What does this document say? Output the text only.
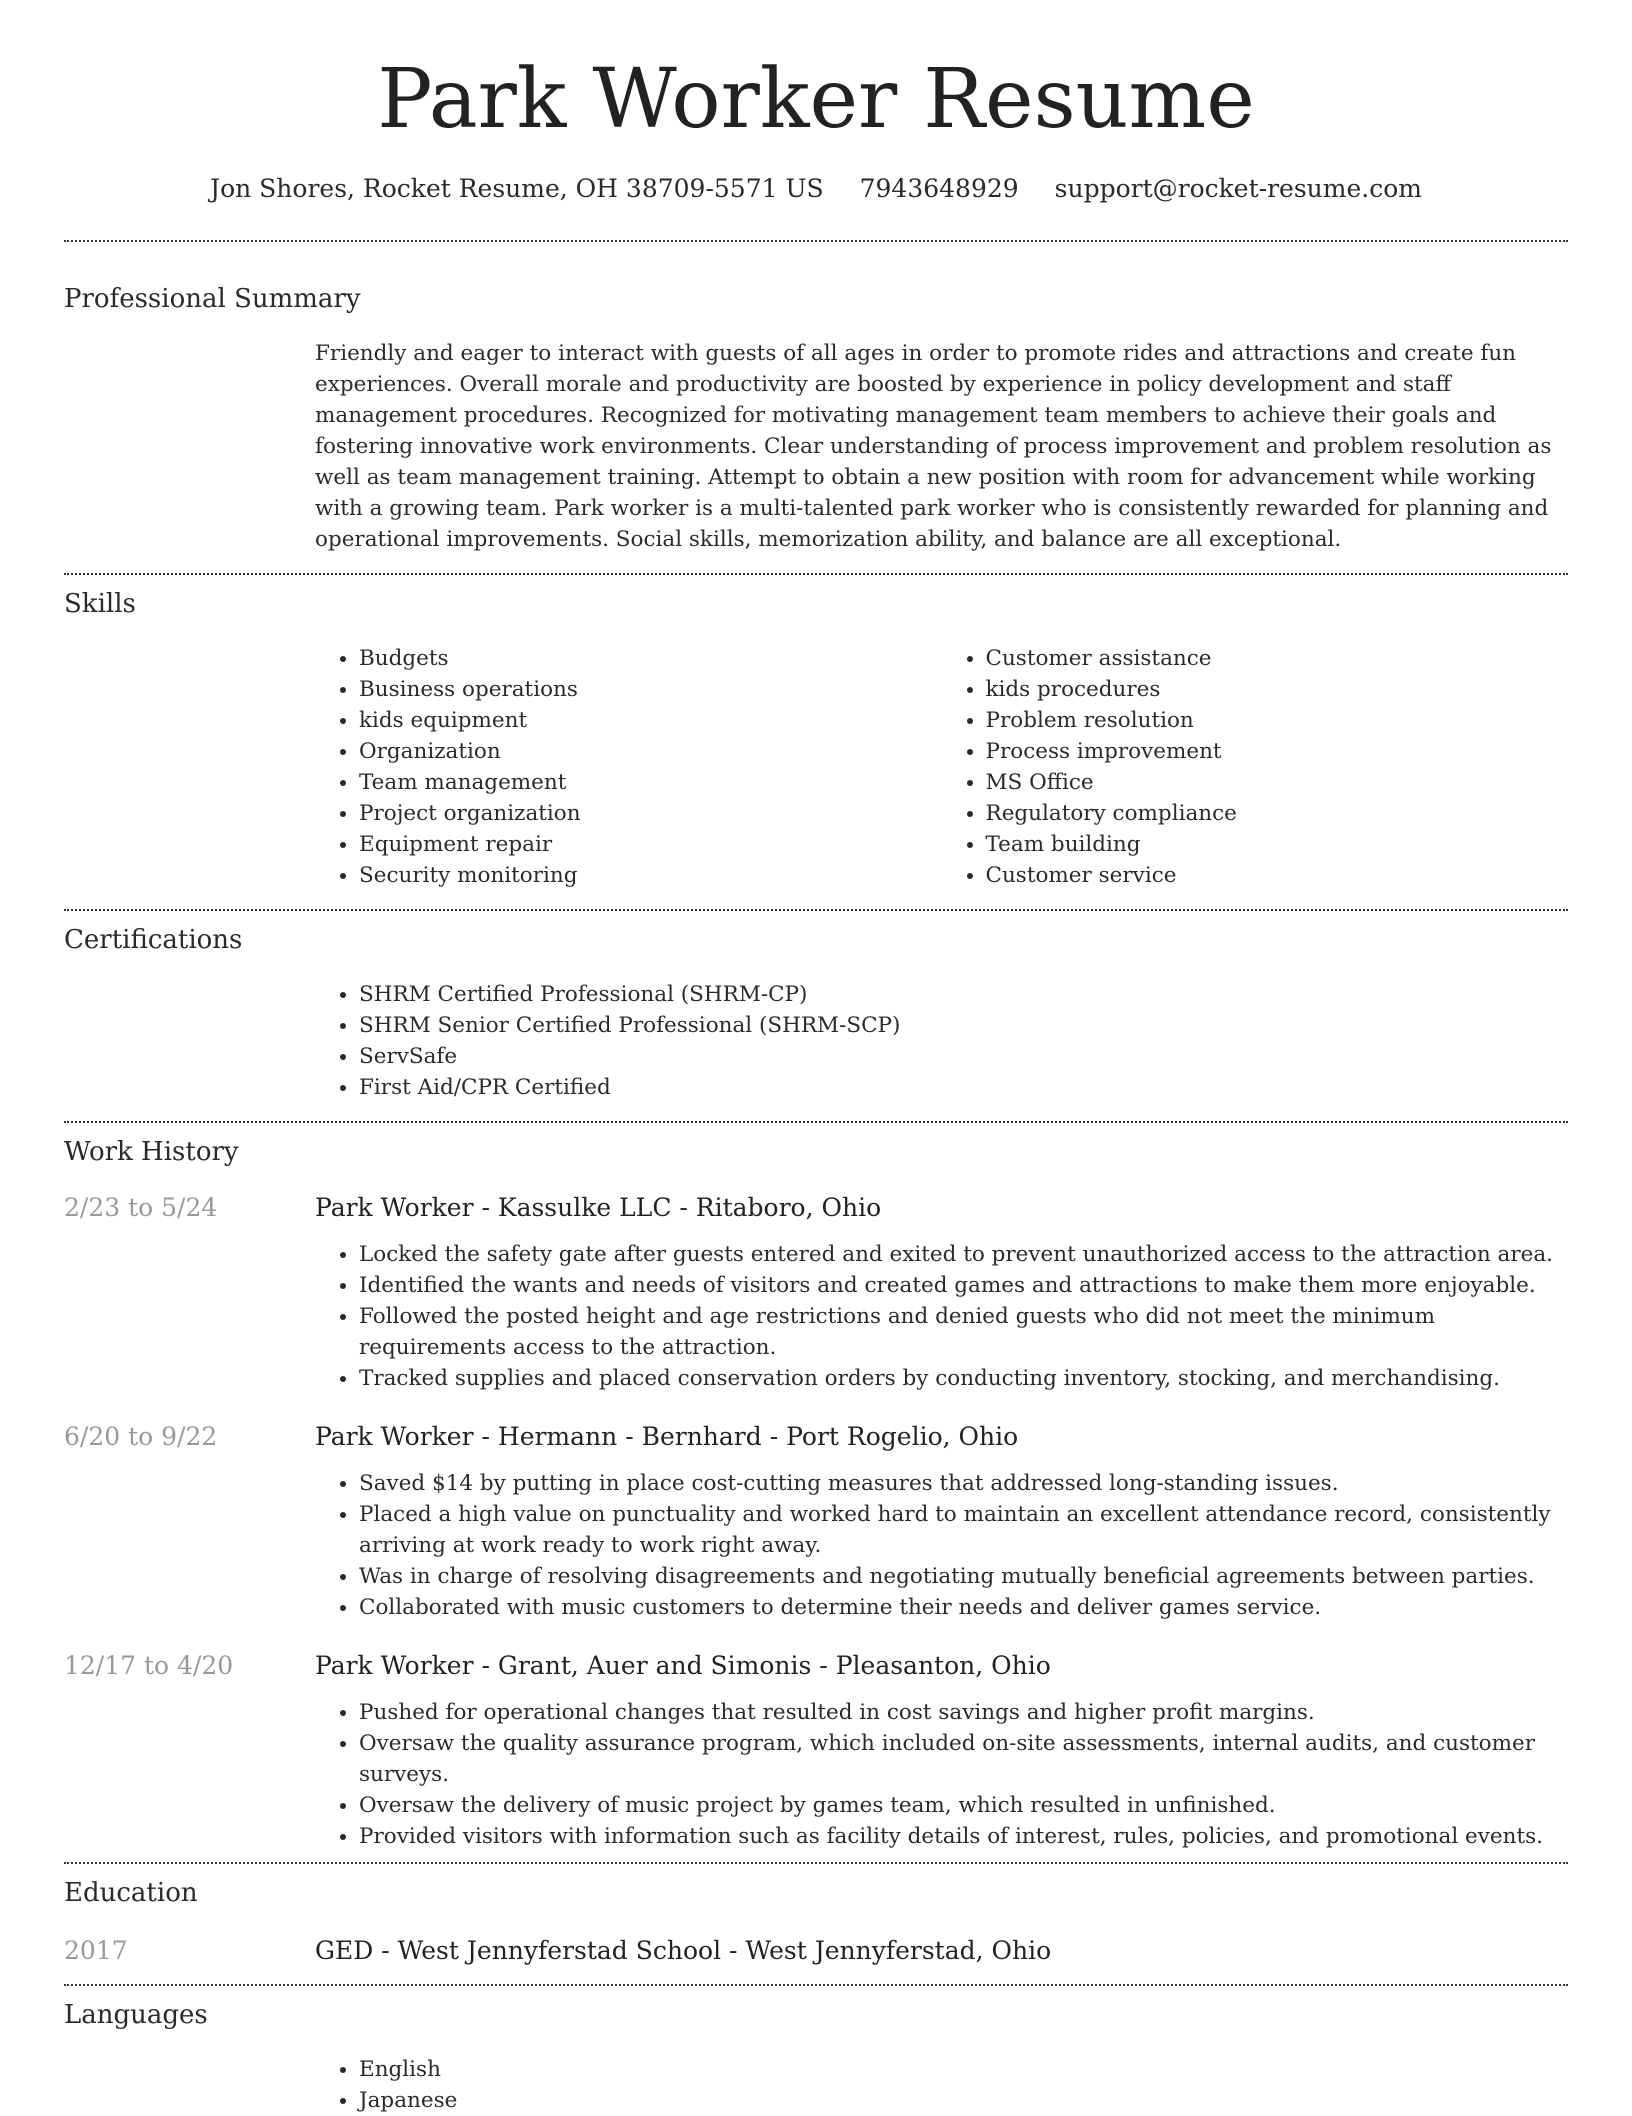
Park Worker Resume
Jon Shores, Rocket Resume, OH 38709-5571 US 7943648929 support@rocket-resume.com
Professional Summary
Friendly and eager to interact with guests of all ages in order to promote rides and attractions and create fun experiences. Overall morale and productivity are boosted by experience in policy development and staff management procedures. Recognized for motivating management team members to achieve their goals and fostering innovative work environments. Clear understanding of process improvement and problem resolution as well as team management training. Attempt to obtain a new position with room for advancement while working with a growing team. Park worker is a multi-talented park worker who is consistently rewarded for planning and operational improvements. Social skills, memorization ability, and balance are all exceptional.
Skills
• Budgets
• Business operations
• kids equipment
• Organization
• Team management
• Project organization
• Equipment repair
• Security monitoring
• Customer assistance
• kids procedures
• Problem resolution
• Process improvement
• MS Office
• Regulatory compliance
• Team building
• Customer service
Certifications
• SHRM Certified Professional (SHRM-CP)
• SHRM Senior Certified Professional (SHRM-SCP)
• ServSafe
• First Aid/CPR Certified
Work History
2/23 to 5/24	Park Worker - Kassulke LLC - Ritaboro, Ohio
• Locked the safety gate after guests entered and exited to prevent unauthorized access to the attraction area.
• Identified the wants and needs of visitors and created games and attractions to make them more enjoyable.
• Followed the posted height and age restrictions and denied guests who did not meet the minimum requirements access to the attraction.
• Tracked supplies and placed conservation orders by conducting inventory, stocking, and merchandising.
6/20 to 9/22	Park Worker - Hermann - Bernhard - Port Rogelio, Ohio
• Saved $14 by putting in place cost-cutting measures that addressed long-standing issues.
• Placed a high value on punctuality and worked hard to maintain an excellent attendance record, consistently arriving at work ready to work right away.
• Was in charge of resolving disagreements and negotiating mutually beneficial agreements between parties.
• Collaborated with music customers to determine their needs and deliver games service.
12/17 to 4/20	Park Worker - Grant, Auer and Simonis - Pleasanton, Ohio
• Pushed for operational changes that resulted in cost savings and higher profit margins.
• Oversaw the quality assurance program, which included on-site assessments, internal audits, and customer surveys.
• Oversaw the delivery of music project by games team, which resulted in unfinished.
• Provided visitors with information such as facility details of interest, rules, policies, and promotional events.
Education
2017	GED - West Jennyferstad School - West Jennyferstad, Ohio
Languages
• English
• Japanese
